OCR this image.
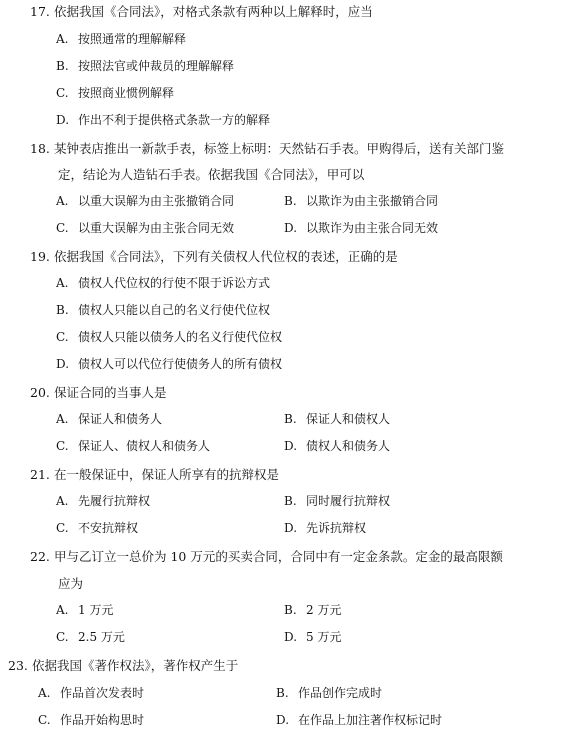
17. 依据我国《合同法》，对格式条款有两种以上解释时，应当
A. 按照通常的理解解释
B. 按照法官或仲裁员的理解解释
C. 按照商业惯例解释
D. 作出不利于提供格式条款一方的解释
18. 某钟表店推出一新款手表，标签上标明：天然钻石手表。甲购得后，送有关部门鉴
定，结论为人造钻石手表。依据我国《合同法》，甲可以
A. 以重大误解为由主张撤销合同	B. 以欺诈为由主张撤销合同
C. 以重大误解为由主张合同无效	D. 以欺诈为由主张合同无效
19. 依据我国《合同法》，下列有关债权人代位权的表述，正确的是
A. 债权人代位权的行使不限于诉讼方式
B. 债权人只能以自己的名义行使代位权
C. 债权人只能以债务人的名义行使代位权
D. 债权人可以代位行使债务人的所有债权
20. 保证合同的当事人是
A. 保证人和债务人	B. 保证人和债权人
C. 保证人、债权人和债务人	D. 债权人和债务人
21. 在一般保证中，保证人所享有的抗辩权是
A. 先履行抗辩权	B. 同时履行抗辩权
C. 不安抗辩权	D. 先诉抗辩权
22. 甲与乙订立一总价为 10 万元的买卖合同，合同中有一定金条款。定金的最高限额
应为
A. 1 万元	B. 2 万元
C. 2.5 万元	D. 5 万元
23. 依据我国《著作权法》，著作权产生于
A. 作品首次发表时	B. 作品创作完成时
C. 作品开始构思时	D. 在作品上加注著作权标记时
